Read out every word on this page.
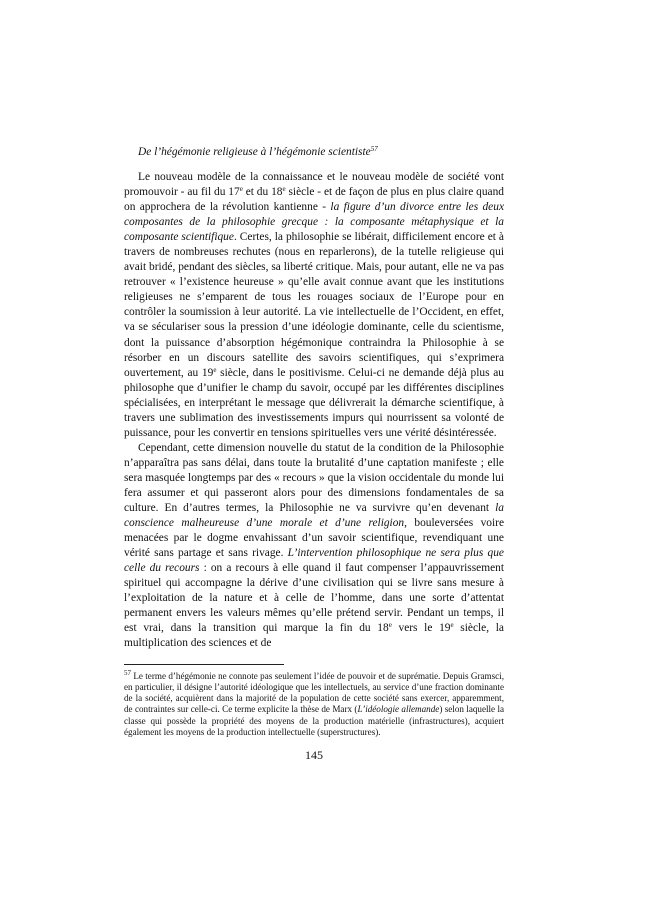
De l’hégémonie religieuse à l’hégémonie scientiste$^{57}$

Le nouveau modèle de la connaissance et le nouveau modèle de société vont promouvoir - au fil du 17e et du 18e siècle - et de façon de plus en plus claire quand on approchera de la révolution kantienne - la figure d’un divorce entre les deux composantes de la philosophie grecque : la composante métaphysique et la composante scientifique. Certes, la philosophie se libérait, difficilement encore et à travers de nombreuses rechutes (nous en reparlerons), de la tutelle religieuse qui avait bridé, pendant des siècles, sa liberté critique. Mais, pour autant, elle ne va pas retrouver « l’existence heureuse » qu’elle avait connue avant que les institutions religieuses ne s’emparent de tous les rouages sociaux de l’Europe pour en contrôler la soumission à leur autorité. La vie intellectuelle de l’Occident, en effet, va se séculariser sous la pression d’une idéologie dominante, celle du scientisme, dont la puissance d’absorption hégémonique contraindra la Philosophie à se résorber en un discours satellite des savoirs scientifiques, qui s’exprimera ouvertement, au 19e siècle, dans le positivisme. Celui-ci ne demande déjà plus au philosophe que d’unifier le champ du savoir, occupé par les différentes disciplines spécialisées, en interprétant le message que délivrerait la démarche scientifique, à travers une sublimation des investissements impurs qui nourrissent sa volonté de puissance, pour les convertir en tensions spirituelles vers une vérité désintéressée.

Cependant, cette dimension nouvelle du statut de la condition de la Philosophie n’apparaîtra pas sans délai, dans toute la brutalité d’une captation manifeste ; elle sera masquée longtemps par des « recours » que la vision occidentale du monde lui fera assumer et qui passeront alors pour des dimensions fondamentales de sa culture. En d’autres termes, la Philosophie ne va survivre qu’en devenant la conscience malheureuse d’une morale et d’une religion, bouleversées voire menacées par le dogme envahissant d’un savoir scientifique, revendiquant une vérité sans partage et sans rivage. L’intervention philosophique ne sera plus que celle du recours : on a recours à elle quand il faut compenser l’appauvrissement spirituel qui accompagne la dérive d’une civilisation qui se livre sans mesure à l’exploitation de la nature et à celle de l’homme, dans une sorte d’attentat permanent envers les valeurs mêmes qu’elle prétend servir. Pendant un temps, il est vrai, dans la transition qui marque la fin du 18e vers le 19e siècle, la multiplication des sciences et de

$^{57}$ Le terme d’hégémonie ne connote pas seulement l’idée de pouvoir et de suprématie. Depuis Gramsci, en particulier, il désigne l’autorité idéologique que les intellectuels, au service d’une fraction dominante de la société, acquièrent dans la majorité de la population de cette société sans exercer, apparemment, de contraintes sur celle-ci. Ce terme explicite la thèse de Marx (L’idéologie allemande) selon laquelle la classe qui possède la propriété des moyens de la production matérielle (infrastructures), acquiert également les moyens de la production intellectuelle (superstructures).

145
